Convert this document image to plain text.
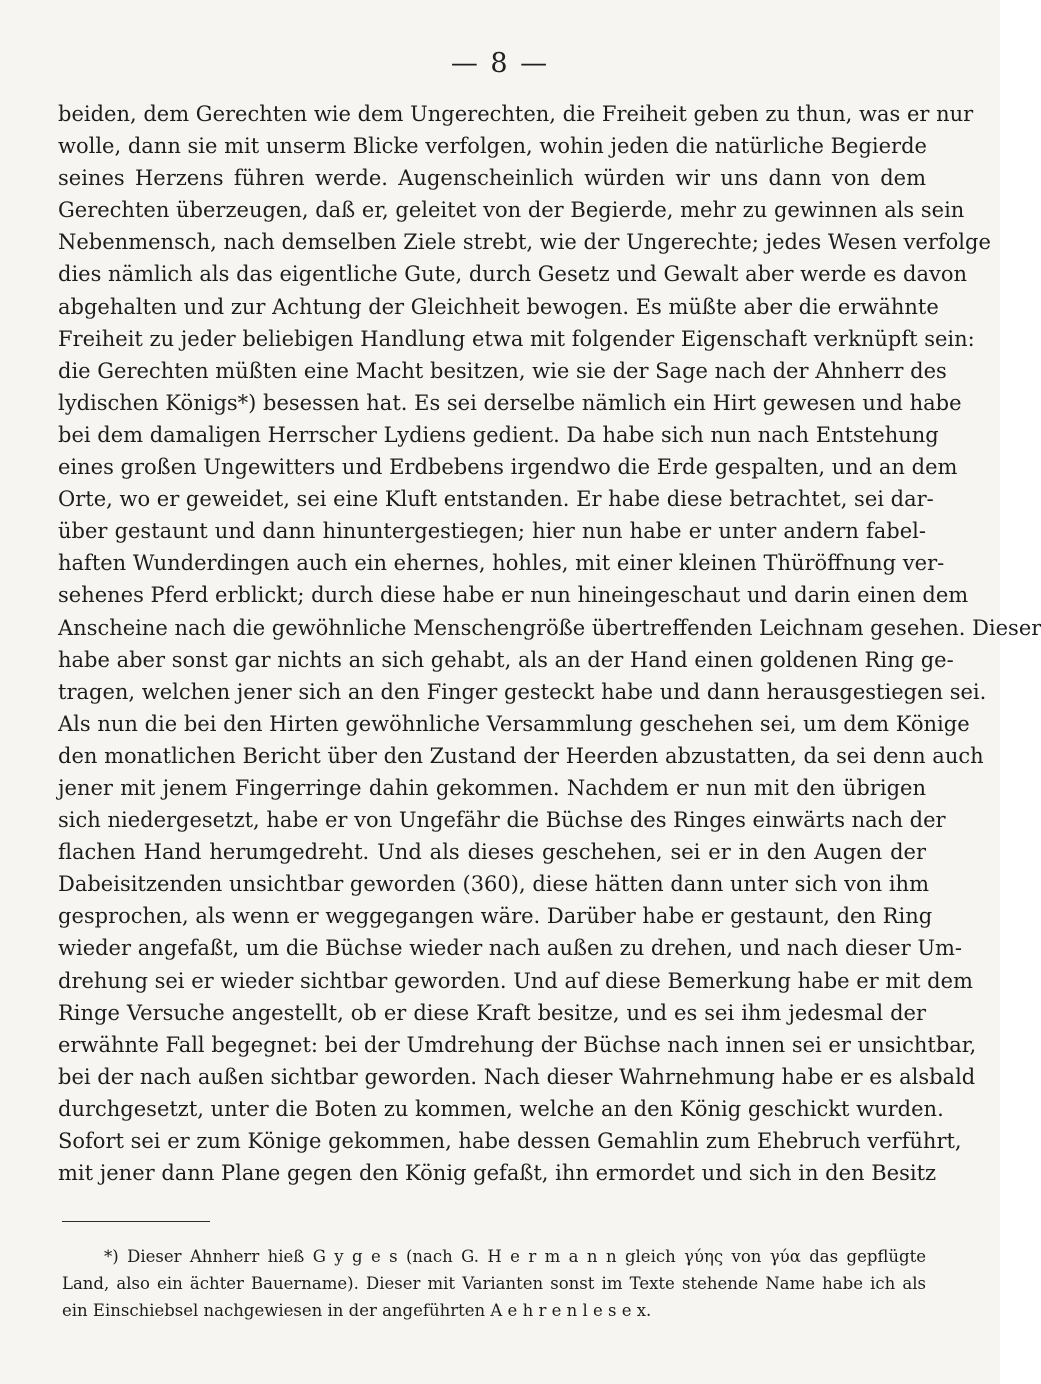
— 8 —
beiden, dem Gerechten wie dem Ungerechten, die Freiheit geben zu thun, was er nur
wolle, dann sie mit unserm Blicke verfolgen, wohin jeden die natürliche Begierde
seines Herzens führen werde. Augenscheinlich würden wir uns dann von dem
Gerechten überzeugen, daß er, geleitet von der Begierde, mehr zu gewinnen als sein
Nebenmensch, nach demselben Ziele strebt, wie der Ungerechte; jedes Wesen verfolge
dies nämlich als das eigentliche Gute, durch Gesetz und Gewalt aber werde es davon
abgehalten und zur Achtung der Gleichheit bewogen. Es müßte aber die erwähnte
Freiheit zu jeder beliebigen Handlung etwa mit folgender Eigenschaft verknüpft sein:
die Gerechten müßten eine Macht besitzen, wie sie der Sage nach der Ahnherr des
lydischen Königs*) besessen hat. Es sei derselbe nämlich ein Hirt gewesen und habe
bei dem damaligen Herrscher Lydiens gedient. Da habe sich nun nach Entstehung
eines großen Ungewitters und Erdbebens irgendwo die Erde gespalten, und an dem
Orte, wo er geweidet, sei eine Kluft entstanden. Er habe diese betrachtet, sei dar-
über gestaunt und dann hinuntergestiegen; hier nun habe er unter andern fabel-
haften Wunderdingen auch ein ehernes, hohles, mit einer kleinen Thüröffnung ver-
sehenes Pferd erblickt; durch diese habe er nun hineingeschaut und darin einen dem
Anscheine nach die gewöhnliche Menschengröße übertreffenden Leichnam gesehen. Dieser
habe aber sonst gar nichts an sich gehabt, als an der Hand einen goldenen Ring ge-
tragen, welchen jener sich an den Finger gesteckt habe und dann herausgestiegen sei.
Als nun die bei den Hirten gewöhnliche Versammlung geschehen sei, um dem Könige
den monatlichen Bericht über den Zustand der Heerden abzustatten, da sei denn auch
jener mit jenem Fingerringe dahin gekommen. Nachdem er nun mit den übrigen
sich niedergesetzt, habe er von Ungefähr die Büchse des Ringes einwärts nach der
flachen Hand herumgedreht. Und als dieses geschehen, sei er in den Augen der
Dabeisitzenden unsichtbar geworden (360), diese hätten dann unter sich von ihm
gesprochen, als wenn er weggegangen wäre. Darüber habe er gestaunt, den Ring
wieder angefaßt, um die Büchse wieder nach außen zu drehen, und nach dieser Um-
drehung sei er wieder sichtbar geworden. Und auf diese Bemerkung habe er mit dem
Ringe Versuche angestellt, ob er diese Kraft besitze, und es sei ihm jedesmal der
erwähnte Fall begegnet: bei der Umdrehung der Büchse nach innen sei er unsichtbar,
bei der nach außen sichtbar geworden. Nach dieser Wahrnehmung habe er es alsbald
durchgesetzt, unter die Boten zu kommen, welche an den König geschickt wurden.
Sofort sei er zum Könige gekommen, habe dessen Gemahlin zum Ehebruch verführt,
mit jener dann Plane gegen den König gefaßt, ihn ermordet und sich in den Besitz
*) Dieser Ahnherr hieß G y g e s (nach G. H e r m a n n gleich γύης von γύα das gepflügte
Land, also ein ächter Bauername). Dieser mit Varianten sonst im Texte stehende Name habe ich als
ein Einschiebsel nachgewiesen in der angeführten A e h r e n l e s e x.
